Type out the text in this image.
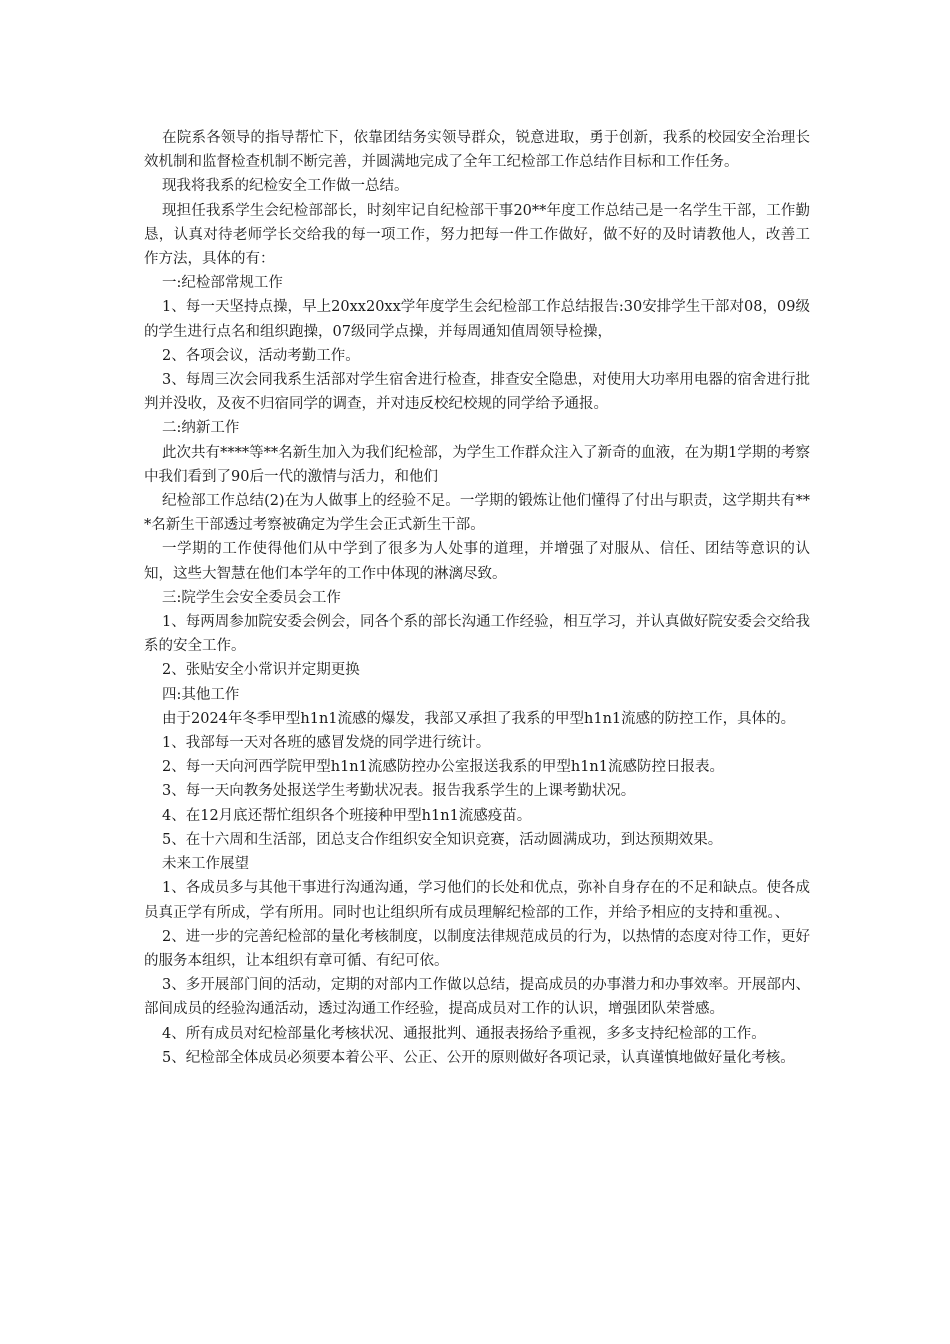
在院系各领导的指导帮忙下，依靠团结务实领导群众，锐意进取，勇于创新，我系的校园安全治理长效机制和监督检查机制不断完善，并圆满地完成了全年工纪检部工作总结作目标和工作任务。

现我将我系的纪检安全工作做一总结。

现担任我系学生会纪检部部长，时刻牢记自纪检部干事20**年度工作总结己是一名学生干部，工作勤恳，认真对待老师学长交给我的每一项工作，努力把每一件工作做好，做不好的及时请教他人，改善工作方法，具体的有：

一:纪检部常规工作

1、每一天坚持点操，早上20xx20xx学年度学生会纪检部工作总结报告:30安排学生干部对08，09级的学生进行点名和组织跑操，07级同学点操，并每周通知值周领导检操，

2、各项会议，活动考勤工作。

3、每周三次会同我系生活部对学生宿舍进行检查，排查安全隐患，对使用大功率用电器的宿舍进行批判并没收，及夜不归宿同学的调查，并对违反校纪校规的同学给予通报。

二:纳新工作

此次共有****等**名新生加入为我们纪检部，为学生工作群众注入了新奇的血液，在为期1学期的考察中我们看到了90后一代的激情与活力，和他们

纪检部工作总结(2)在为人做事上的经验不足。一学期的锻炼让他们懂得了付出与职责，这学期共有***名新生干部透过考察被确定为学生会正式新生干部。

一学期的工作使得他们从中学到了很多为人处事的道理，并增强了对服从、信任、团结等意识的认知，这些大智慧在他们本学年的工作中体现的淋漓尽致。

三:院学生会安全委员会工作

1、每两周参加院安委会例会，同各个系的部长沟通工作经验，相互学习，并认真做好院安委会交给我系的安全工作。

2、张贴安全小常识并定期更换

四:其他工作

由于2024年冬季甲型h1n1流感的爆发，我部又承担了我系的甲型h1n1流感的防控工作，具体的。

1、我部每一天对各班的感冒发烧的同学进行统计。

2、每一天向河西学院甲型h1n1流感防控办公室报送我系的甲型h1n1流感防控日报表。

3、每一天向教务处报送学生考勤状况表。报告我系学生的上课考勤状况。

4、在12月底还帮忙组织各个班接种甲型h1n1流感疫苗。

5、在十六周和生活部，团总支合作组织安全知识竞赛，活动圆满成功，到达预期效果。

未来工作展望

1、各成员多与其他干事进行沟通沟通，学习他们的长处和优点，弥补自身存在的不足和缺点。使各成员真正学有所成，学有所用。同时也让组织所有成员理解纪检部的工作，并给予相应的支持和重视。、

2、进一步的完善纪检部的量化考核制度，以制度法律规范成员的行为，以热情的态度对待工作，更好的服务本组织，让本组织有章可循、有纪可依。

3、多开展部门间的活动，定期的对部内工作做以总结，提高成员的办事潜力和办事效率。开展部内、部间成员的经验沟通活动，透过沟通工作经验，提高成员对工作的认识，增强团队荣誉感。

4、所有成员对纪检部量化考核状况、通报批判、通报表扬给予重视，多多支持纪检部的工作。

5、纪检部全体成员必须要本着公平、公正、公开的原则做好各项记录，认真谨慎地做好量化考核。
